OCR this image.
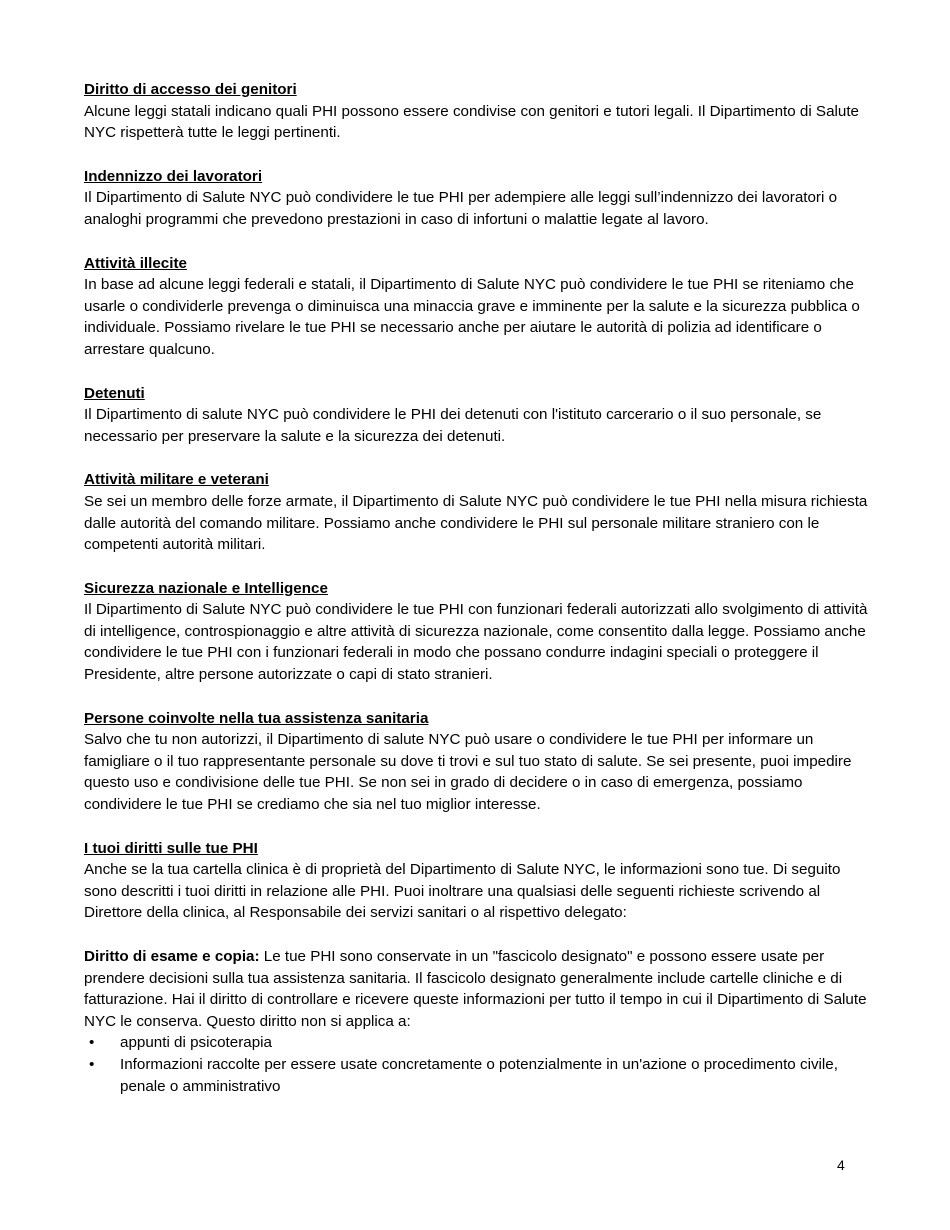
Diritto di accesso dei genitori
Alcune leggi statali indicano quali PHI possono essere condivise con genitori e tutori legali. Il Dipartimento di Salute NYC rispetterà tutte le leggi pertinenti.
Indennizzo dei lavoratori
Il Dipartimento di Salute NYC può condividere le tue PHI per adempiere alle leggi sull’indennizzo dei lavoratori o analoghi programmi che prevedono prestazioni in caso di infortuni o malattie legate al lavoro.
Attività illecite
In base ad alcune leggi federali e statali, il Dipartimento di Salute NYC può condividere le tue PHI se riteniamo che usarle o condividerle prevenga o diminuisca una minaccia grave e imminente per la salute e la sicurezza pubblica o individuale. Possiamo rivelare le tue PHI se necessario anche per aiutare le autorità di polizia ad identificare o arrestare qualcuno.
Detenuti
Il Dipartimento di salute NYC può condividere le PHI dei detenuti con l'istituto carcerario o il suo personale, se necessario per preservare la salute e la sicurezza dei detenuti.
Attività militare e veterani
Se sei un membro delle forze armate, il Dipartimento di Salute NYC può condividere le tue PHI nella misura richiesta dalle autorità del comando militare. Possiamo anche condividere le PHI sul personale militare straniero con le competenti autorità militari.
Sicurezza nazionale e Intelligence
Il Dipartimento di Salute NYC può condividere le tue PHI con funzionari federali autorizzati allo svolgimento di attività di intelligence, controspionaggio e altre attività di sicurezza nazionale, come consentito dalla legge. Possiamo anche condividere le tue PHI con i funzionari federali in modo che possano condurre indagini speciali o proteggere il Presidente, altre persone autorizzate o capi di stato stranieri.
Persone coinvolte nella tua assistenza sanitaria
Salvo che tu non autorizzi, il Dipartimento di salute NYC può usare o condividere le tue PHI per informare un famigliare o il tuo rappresentante personale su dove ti trovi e sul tuo stato di salute. Se sei presente, puoi impedire questo uso e condivisione delle tue PHI. Se non sei in grado di decidere o in caso di emergenza, possiamo condividere le tue PHI se crediamo che sia nel tuo miglior interesse.
I tuoi diritti sulle tue PHI
Anche se la tua cartella clinica è di proprietà del Dipartimento di Salute NYC, le informazioni sono tue. Di seguito sono descritti i tuoi diritti in relazione alle PHI. Puoi inoltrare una qualsiasi delle seguenti richieste scrivendo al Direttore della clinica, al Responsabile dei servizi sanitari o al rispettivo delegato:
Diritto di esame e copia: Le tue PHI sono conservate in un "fascicolo designato" e possono essere usate per prendere decisioni sulla tua assistenza sanitaria. Il fascicolo designato generalmente include cartelle cliniche e di fatturazione. Hai il diritto di controllare e ricevere queste informazioni per tutto il tempo in cui il Dipartimento di Salute NYC le conserva. Questo diritto non si applica a:
• appunti di psicoterapia
• Informazioni raccolte per essere usate concretamente o potenzialmente in un'azione o procedimento civile, penale o amministrativo
4
